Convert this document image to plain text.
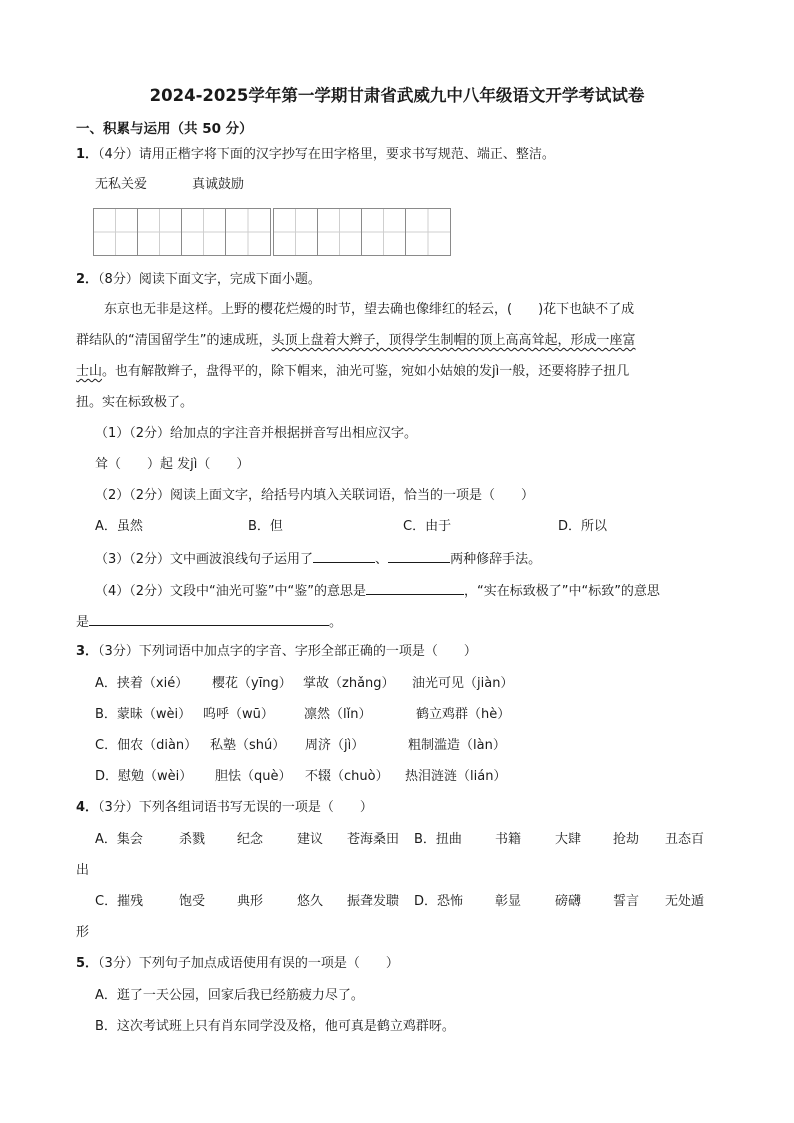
2024-2025学年第一学期甘肃省武威九中八年级语文开学考试试卷
一、积累与运用（共 50 分）
1．（4分）请用正楷字将下面的汉字抄写在田字格里，要求书写规范、端正、整洁。
无私关爱	真诚鼓励
2．（8分）阅读下面文字，完成下面小题。
东京也无非是这样。上野的樱花烂熳的时节，望去确也像绯红的轻云，(　　)花下也缺不了成
群结队的“清国留学生”的速成班，头顶上盘着大辫子，顶得学生制帽的顶上高高耸起，形成一座富
士山。也有解散辫子，盘得平的，除下帽来，油光可鉴，宛如小姑娘的发jì一般，还要将脖子扭几
扭。实在标致极了。
（1）（2分）给加点的字注音并根据拼音写出相应汉字。
耸（　　）起 发jì（　　）
（2）（2分）阅读上面文字，给括号内填入关联词语，恰当的一项是（　　）
A．虽然	B．但	C．由于	D．所以
（3）（2分）文中画波浪线句子运用了	、	两种修辞手法。
（4）（2分）文段中“油光可鉴”中“鉴”的意思是	，“实在标致极了”中“标致”的意思
是	。
3．（3分）下列词语中加点字的字音、字形全部正确的一项是（　　）
A．挟着（xié） 樱花（yīng） 掌故（zhǎng） 油光可见（jiàn）
B．蒙昧（wèi） 呜呼（wū） 凛然（lǐn）	鹤立鸡群（hè）
C．佃农（diàn） 私塾（shú） 周济（jì）	粗制滥造（làn）
D．慰勉（wèi） 胆怯（què） 不辍（chuò） 热泪涟涟（lián）
4．（3分）下列各组词语书写无误的一项是（　　）
A．集会	杀戮 纪念	建议 苍海桑田 B．扭曲	书籍	大肆 抢劫 丑态百
出
C．摧残	饱受 典形	悠久 振聋发聩 D．恐怖 彰显	磅礴 誓言 无处遁
形
5．（3分）下列句子加点成语使用有误的一项是（　　）
A．逛了一天公园，回家后我已经筋疲力尽了。
B．这次考试班上只有肖东同学没及格，他可真是鹤立鸡群呀。
